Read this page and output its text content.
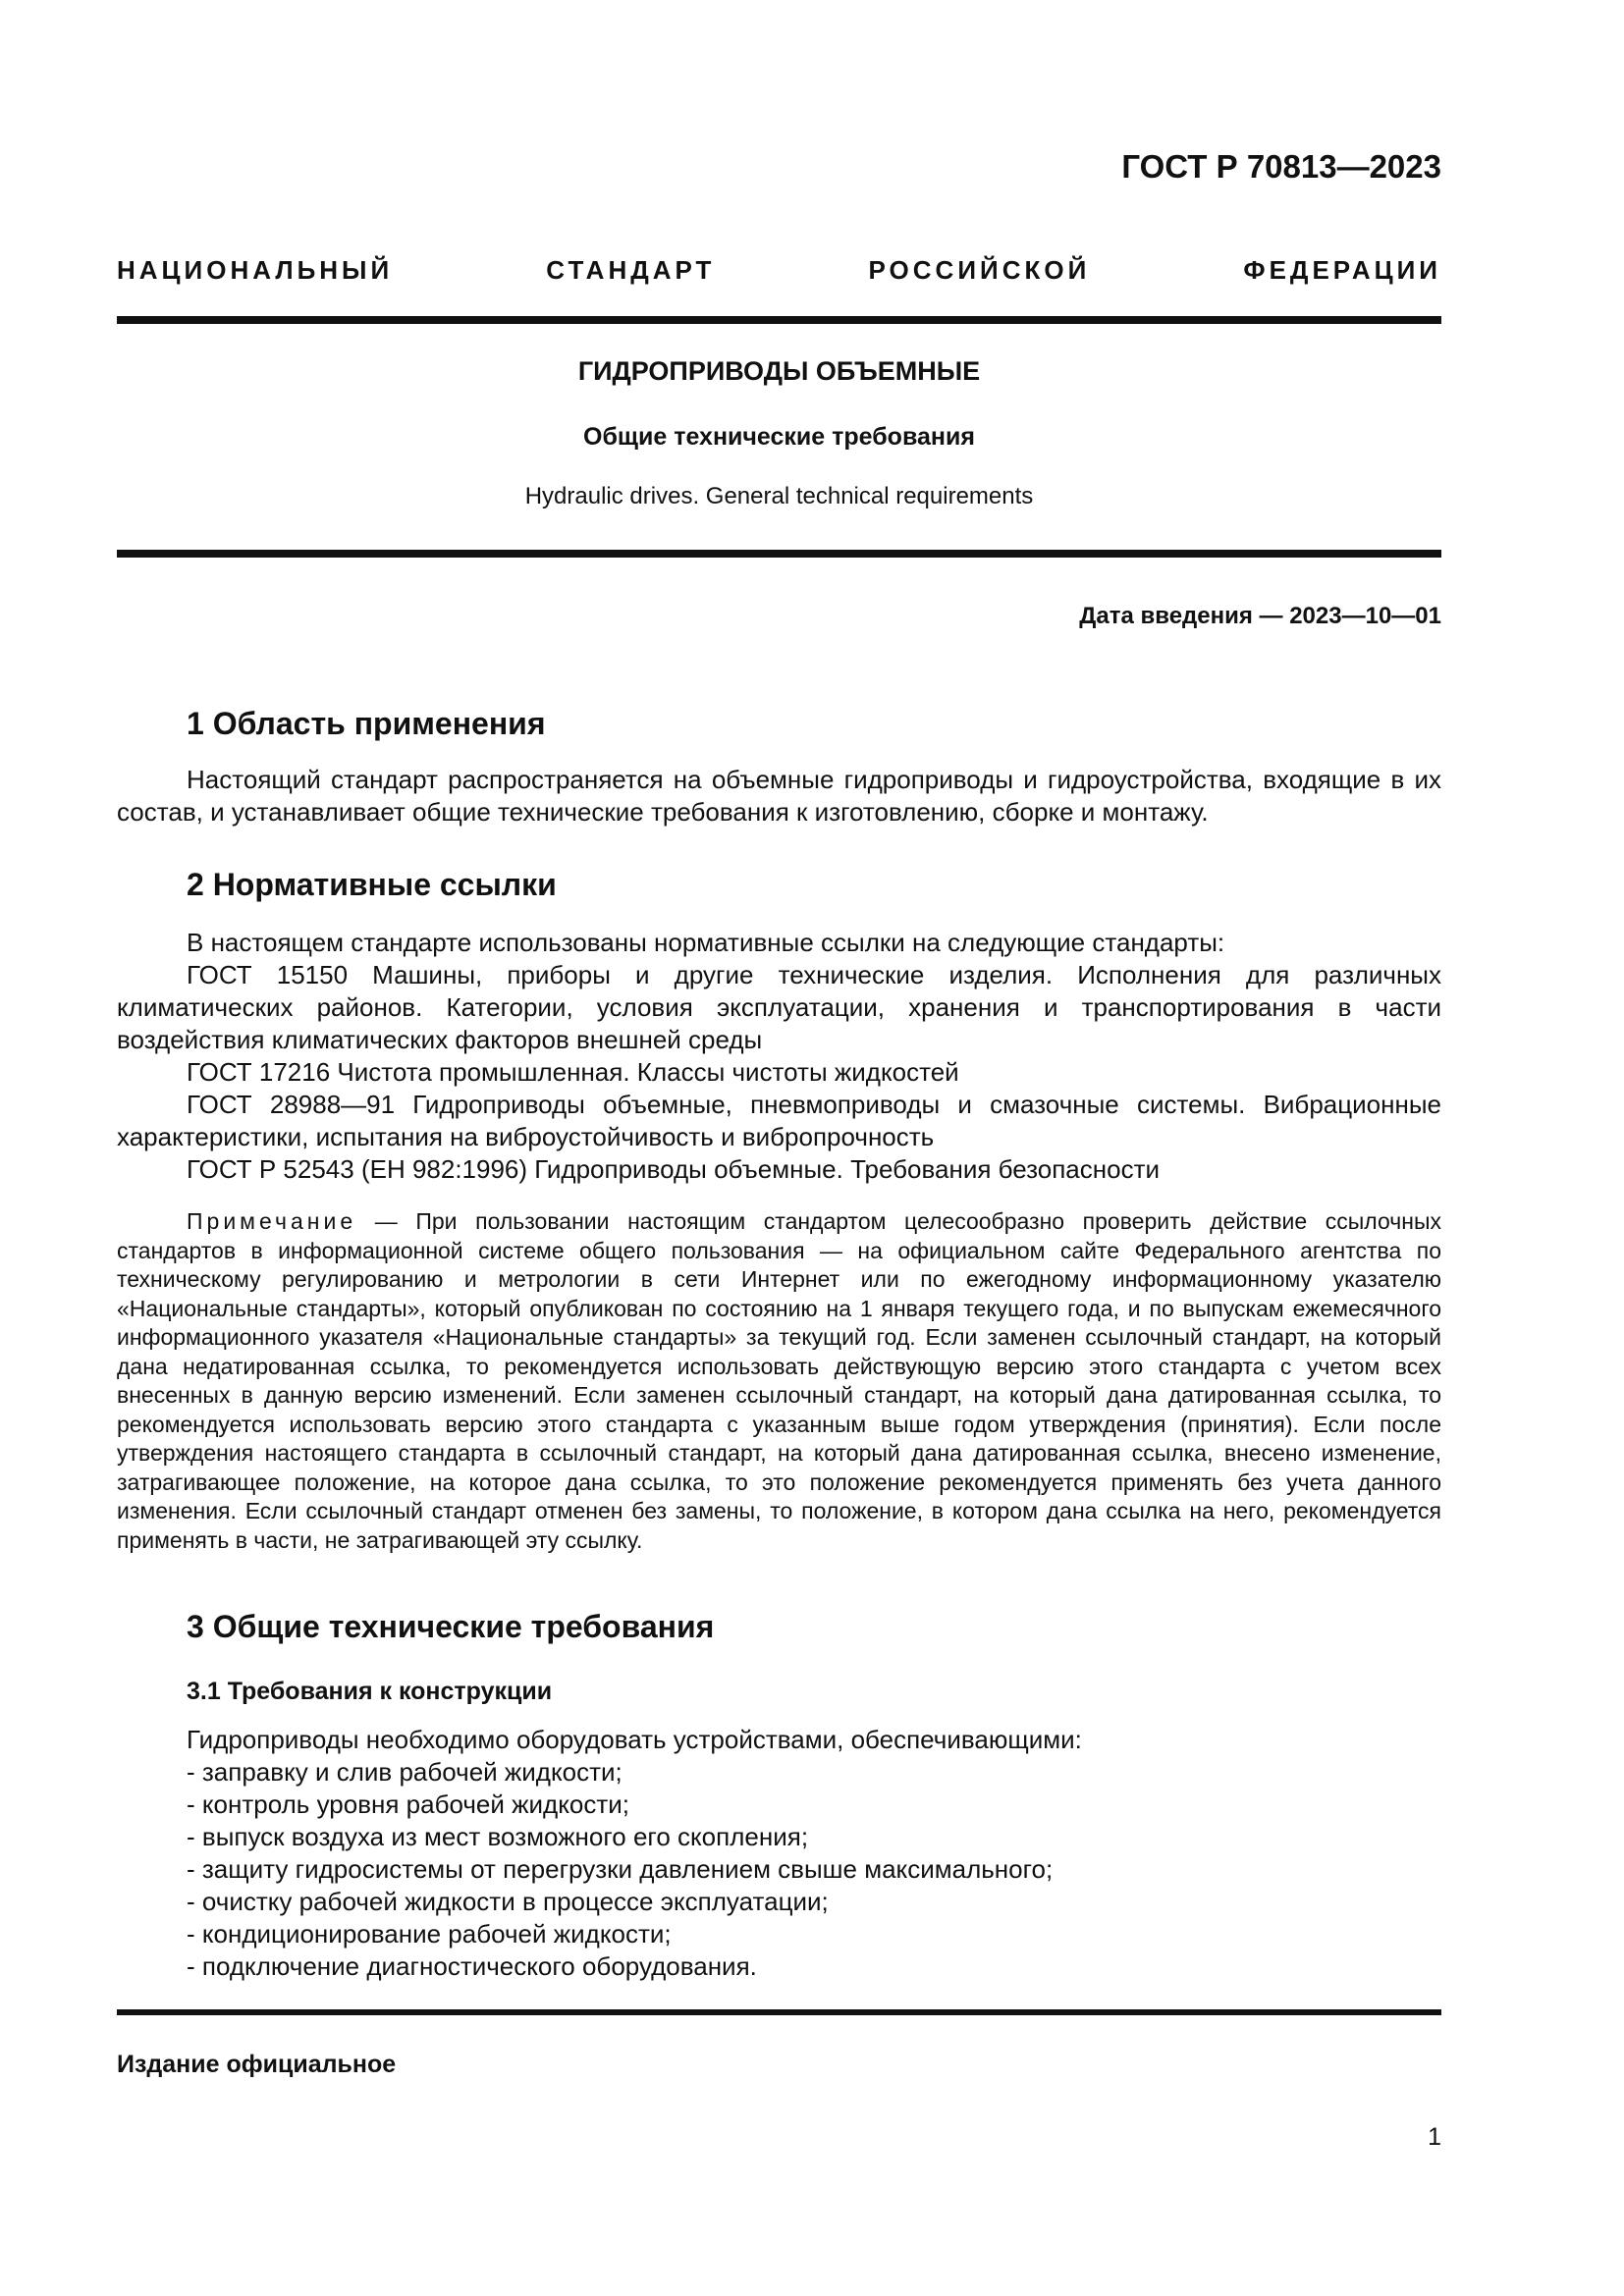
ГОСТ Р 70813—2023
НАЦИОНАЛЬНЫЙ СТАНДАРТ РОССИЙСКОЙ ФЕДЕРАЦИИ
ГИДРОПРИВОДЫ ОБЪЕМНЫЕ
Общие технические требования
Hydraulic drives. General technical requirements
Дата введения — 2023—10—01
1 Область применения

Настоящий стандарт распространяется на объемные гидроприводы и гидроустройства, входящие в их состав, и устанавливает общие технические требования к изготовлению, сборке и монтажу.

2 Нормативные ссылки

В настоящем стандарте использованы нормативные ссылки на следующие стандарты:

ГОСТ 15150 Машины, приборы и другие технические изделия. Исполнения для различных климатических районов. Категории, условия эксплуатации, хранения и транспортирования в части воздействия климатических факторов внешней среды

ГОСТ 17216 Чистота промышленная. Классы чистоты жидкостей

ГОСТ 28988—91 Гидроприводы объемные, пневмоприводы и смазочные системы. Вибрационные характеристики, испытания на виброустойчивость и вибропрочность

ГОСТ Р 52543 (ЕН 982:1996) Гидроприводы объемные. Требования безопасности

Примечание — При пользовании настоящим стандартом целесообразно проверить действие ссылочных стандартов в информационной системе общего пользования — на официальном сайте Федерального агентства по техническому регулированию и метрологии в сети Интернет или по ежегодному информационному указателю «Национальные стандарты», который опубликован по состоянию на 1 января текущего года, и по выпускам ежемесячного информационного указателя «Национальные стандарты» за текущий год. Если заменен ссылочный стандарт, на который дана недатированная ссылка, то рекомендуется использовать действующую версию этого стандарта с учетом всех внесенных в данную версию изменений. Если заменен ссылочный стандарт, на который дана датированная ссылка, то рекомендуется использовать версию этого стандарта с указанным выше годом утверждения (принятия). Если после утверждения настоящего стандарта в ссылочный стандарт, на который дана датированная ссылка, внесено изменение, затрагивающее положение, на которое дана ссылка, то это положение рекомендуется применять без учета данного изменения. Если ссылочный стандарт отменен без замены, то положение, в котором дана ссылка на него, рекомендуется применять в части, не затрагивающей эту ссылку.

3 Общие технические требования
3.1 Требования к конструкции

Гидроприводы необходимо оборудовать устройствами, обеспечивающими:

- заправку и слив рабочей жидкости;
- контроль уровня рабочей жидкости;
- выпуск воздуха из мест возможного его скопления;
- защиту гидросистемы от перегрузки давлением свыше максимального;
- очистку рабочей жидкости в процессе эксплуатации;
- кондиционирование рабочей жидкости;
- подключение диагностического оборудования.
Издание официальное
1
